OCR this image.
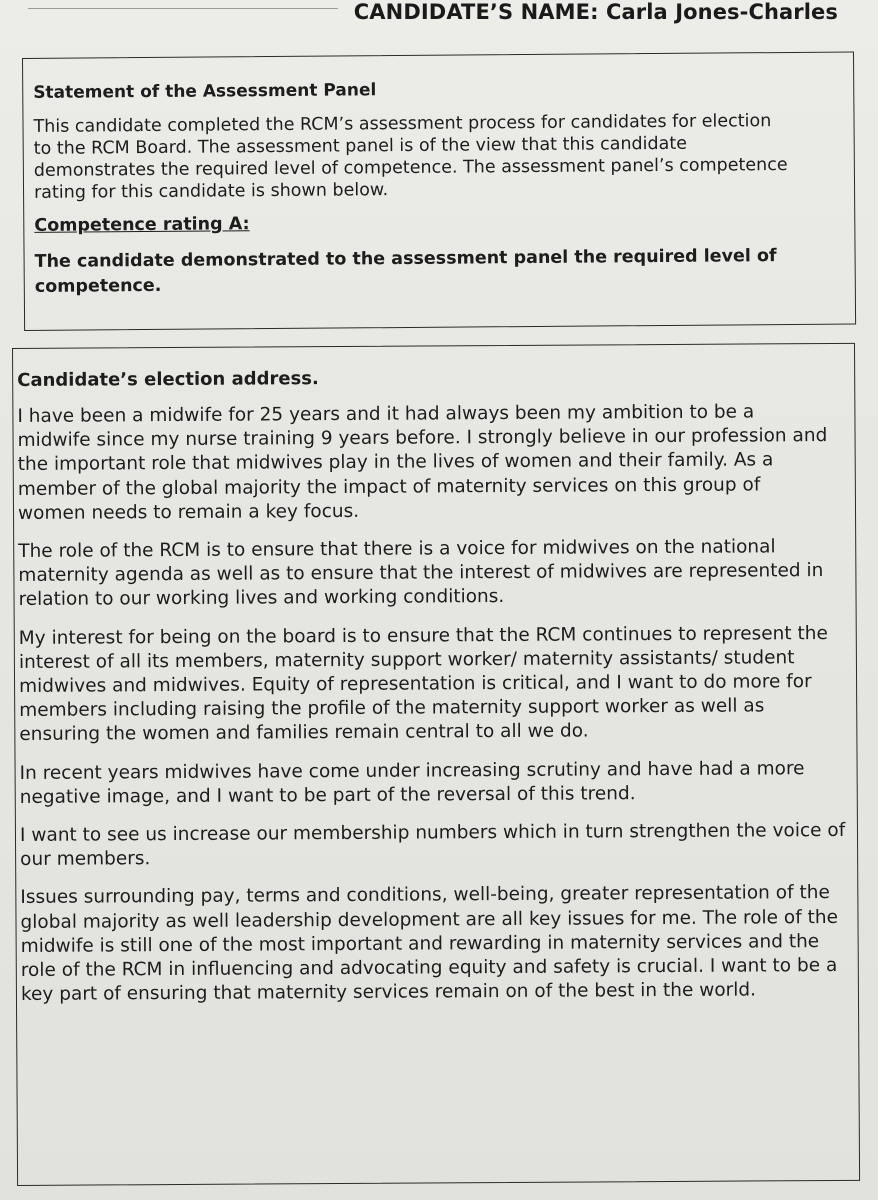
CANDIDATE’S NAME: Carla Jones-Charles
Statement of the Assessment Panel

This candidate completed the RCM’s assessment process for candidates for election to the RCM Board. The assessment panel is of the view that this candidate demonstrates the required level of competence. The assessment panel’s competence rating for this candidate is shown below.

Competence rating A:

The candidate demonstrated to the assessment panel the required level of competence.

Candidate’s election address.

I have been a midwife for 25 years and it had always been my ambition to be a midwife since my nurse training 9 years before. I strongly believe in our profession and the important role that midwives play in the lives of women and their family. As a member of the global majority the impact of maternity services on this group of women needs to remain a key focus.

The role of the RCM is to ensure that there is a voice for midwives on the national maternity agenda as well as to ensure that the interest of midwives are represented in relation to our working lives and working conditions.

My interest for being on the board is to ensure that the RCM continues to represent the interest of all its members, maternity support worker/ maternity assistants/ student midwives and midwives. Equity of representation is critical, and I want to do more for members including raising the profile of the maternity support worker as well as ensuring the women and families remain central to all we do.

In recent years midwives have come under increasing scrutiny and have had a more negative image, and I want to be part of the reversal of this trend.

I want to see us increase our membership numbers which in turn strengthen the voice of our members.

Issues surrounding pay, terms and conditions, well-being, greater representation of the global majority as well leadership development are all key issues for me. The role of the midwife is still one of the most important and rewarding in maternity services and the role of the RCM in influencing and advocating equity and safety is crucial. I want to be a key part of ensuring that maternity services remain on of the best in the world.
